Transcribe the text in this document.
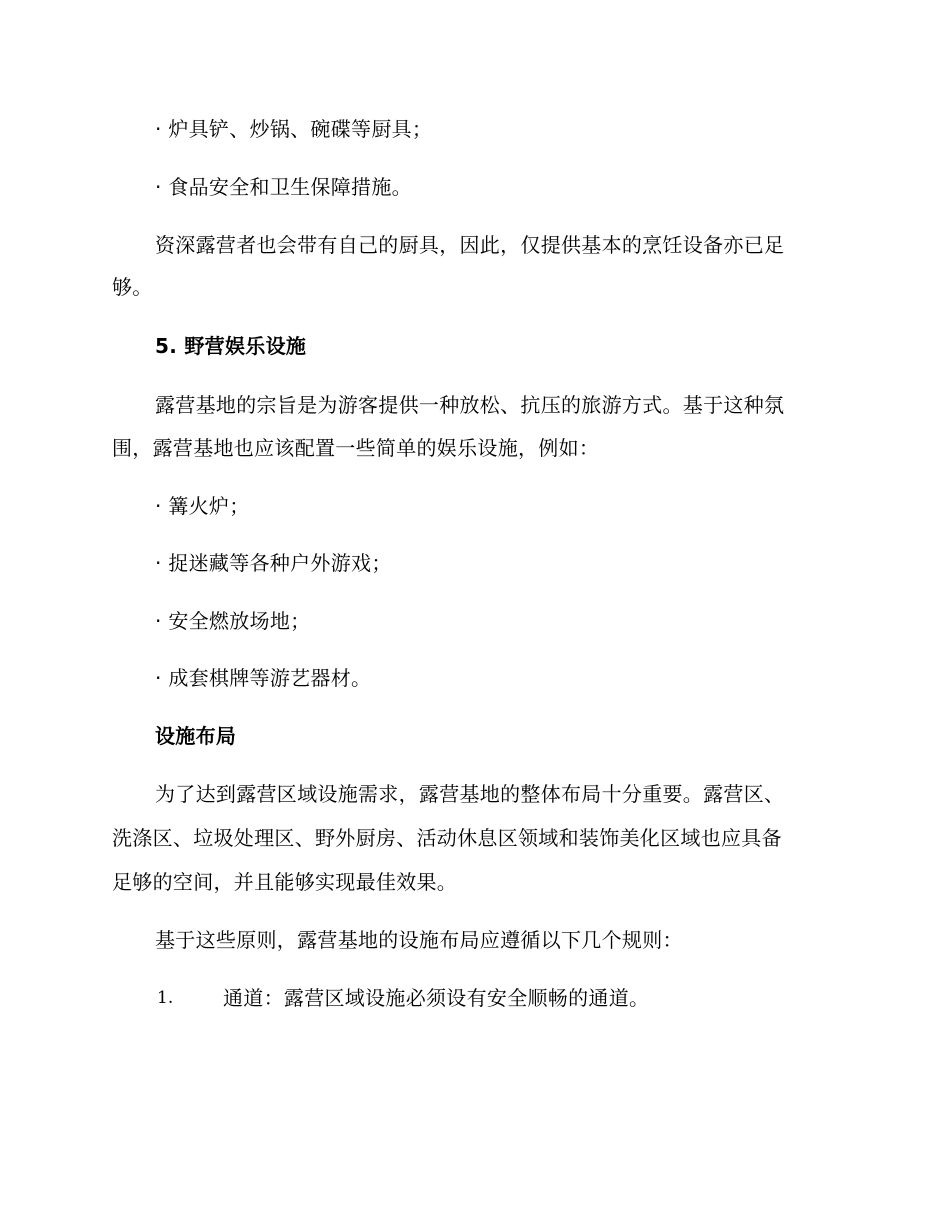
· 炉具铲、炒锅、碗碟等厨具；
· 食品安全和卫生保障措施。
资深露营者也会带有自己的厨具，因此，仅提供基本的烹饪设备亦已足
够。
5. 野营娱乐设施
露营基地的宗旨是为游客提供一种放松、抗压的旅游方式。基于这种氛
围，露营基地也应该配置一些简单的娱乐设施，例如：
· 篝火炉；
· 捉迷藏等各种户外游戏；
· 安全燃放场地；
· 成套棋牌等游艺器材。
设施布局
为了达到露营区域设施需求，露营基地的整体布局十分重要。露营区、
洗涤区、垃圾处理区、野外厨房、活动休息区领域和装饰美化区域也应具备
足够的空间，并且能够实现最佳效果。
基于这些原则，露营基地的设施布局应遵循以下几个规则：
1. 通道：露营区域设施必须设有安全顺畅的通道。
